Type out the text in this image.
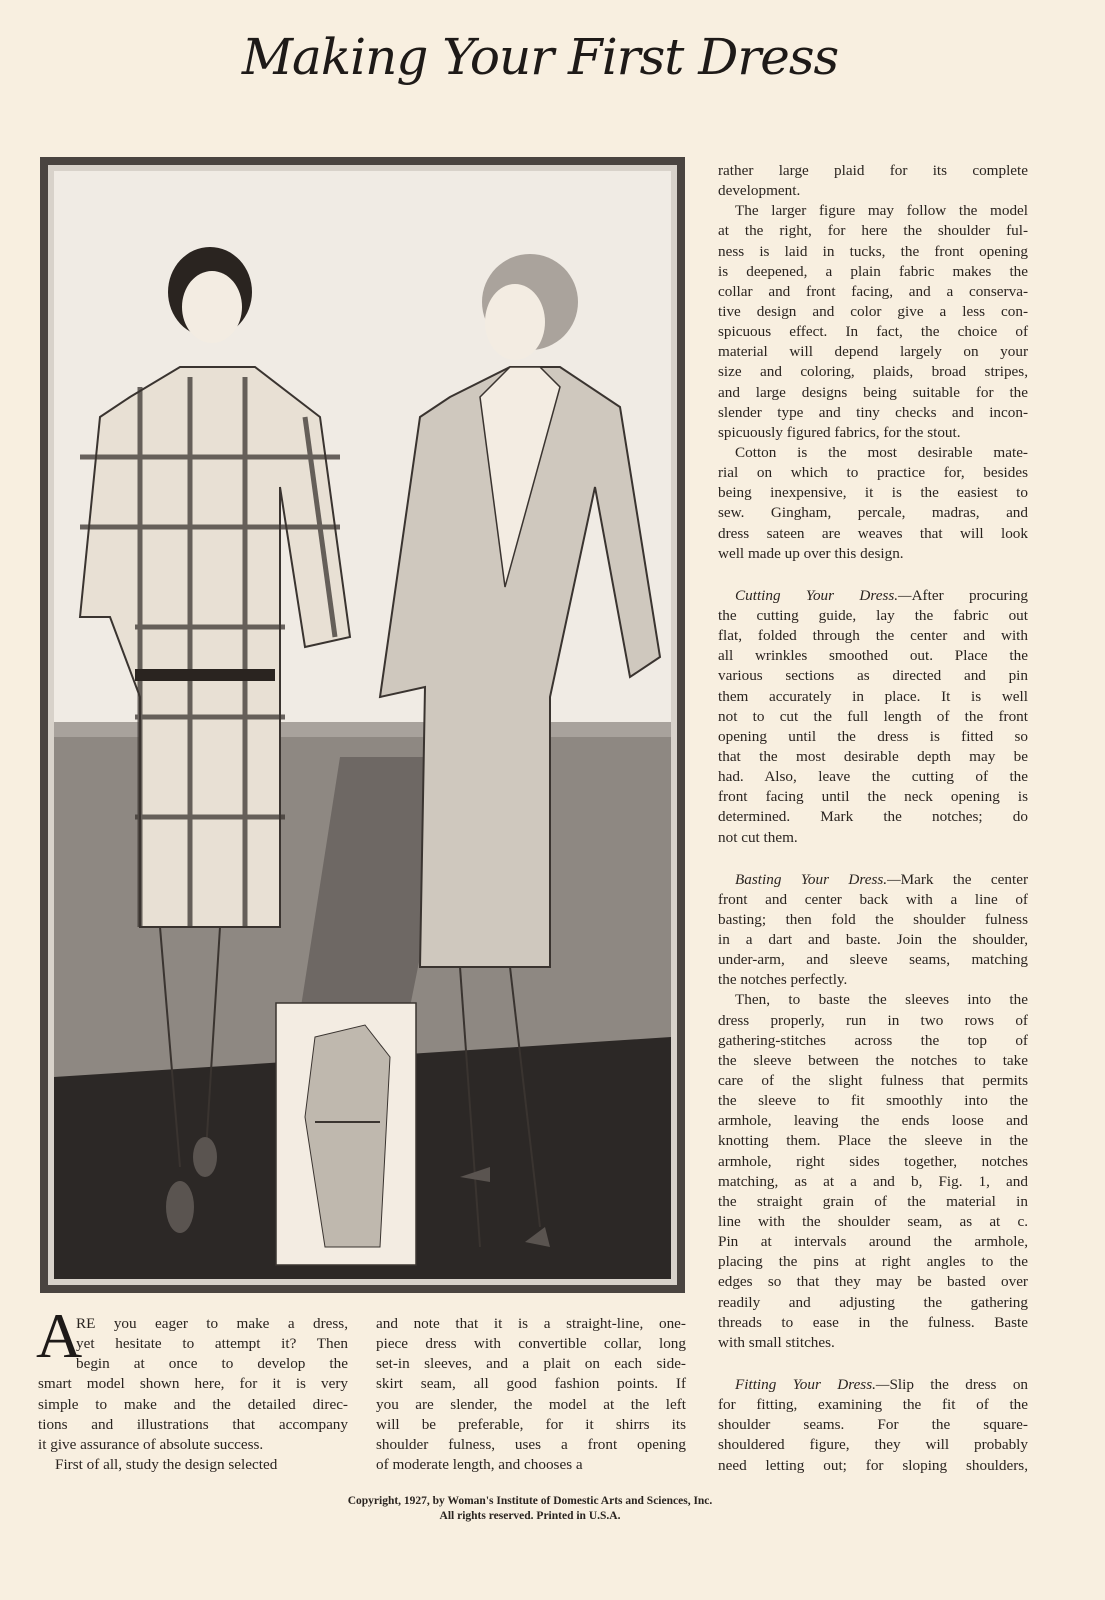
Making Your First Dress
A
RE you eager to make a dress,
yet hesitate to attempt it? Then
begin at once to develop the
smart model shown here, for it is very
simple to make and the detailed direc-
tions and illustrations that accompany
it give assurance of absolute success.
First of all, study the design selected
and note that it is a straight-line, one-
piece dress with convertible collar, long
set-in sleeves, and a plait on each side-
skirt seam, all good fashion points. If
you are slender, the model at the left
will be preferable, for it shirrs its
shoulder fulness, uses a front opening
of moderate length, and chooses a
rather large plaid for its complete
development.
The larger figure may follow the model
at the right, for here the shoulder ful-
ness is laid in tucks, the front opening
is deepened, a plain fabric makes the
collar and front facing, and a conserva-
tive design and color give a less con-
spicuous effect. In fact, the choice of
material will depend largely on your
size and coloring, plaids, broad stripes,
and large designs being suitable for the
slender type and tiny checks and incon-
spicuously figured fabrics, for the stout.
Cotton is the most desirable mate-
rial on which to practice for, besides
being inexpensive, it is the easiest to
sew. Gingham, percale, madras, and
dress sateen are weaves that will look
well made up over this design.
Cutting Your Dress.—After procuring
the cutting guide, lay the fabric out
flat, folded through the center and with
all wrinkles smoothed out. Place the
various sections as directed and pin
them accurately in place. It is well
not to cut the full length of the front
opening until the dress is fitted so
that the most desirable depth may be
had. Also, leave the cutting of the
front facing until the neck opening is
determined. Mark the notches; do
not cut them.
Basting Your Dress.—Mark the center
front and center back with a line of
basting; then fold the shoulder fulness
in a dart and baste. Join the shoulder,
under-arm, and sleeve seams, matching
the notches perfectly.
Then, to baste the sleeves into the
dress properly, run in two rows of
gathering-stitches across the top of
the sleeve between the notches to take
care of the slight fulness that permits
the sleeve to fit smoothly into the
armhole, leaving the ends loose and
knotting them. Place the sleeve in the
armhole, right sides together, notches
matching, as at a and b, Fig. 1, and
the straight grain of the material in
line with the shoulder seam, as at c.
Pin at intervals around the armhole,
placing the pins at right angles to the
edges so that they may be basted over
readily and adjusting the gathering
threads to ease in the fulness. Baste
with small stitches.
Fitting Your Dress.—Slip the dress on
for fitting, examining the fit of the
shoulder seams. For the square-
shouldered figure, they will probably
need letting out; for sloping shoulders,
Copyright, 1927, by Woman's Institute of Domestic Arts and Sciences, Inc.
All rights reserved. Printed in U.S.A.
